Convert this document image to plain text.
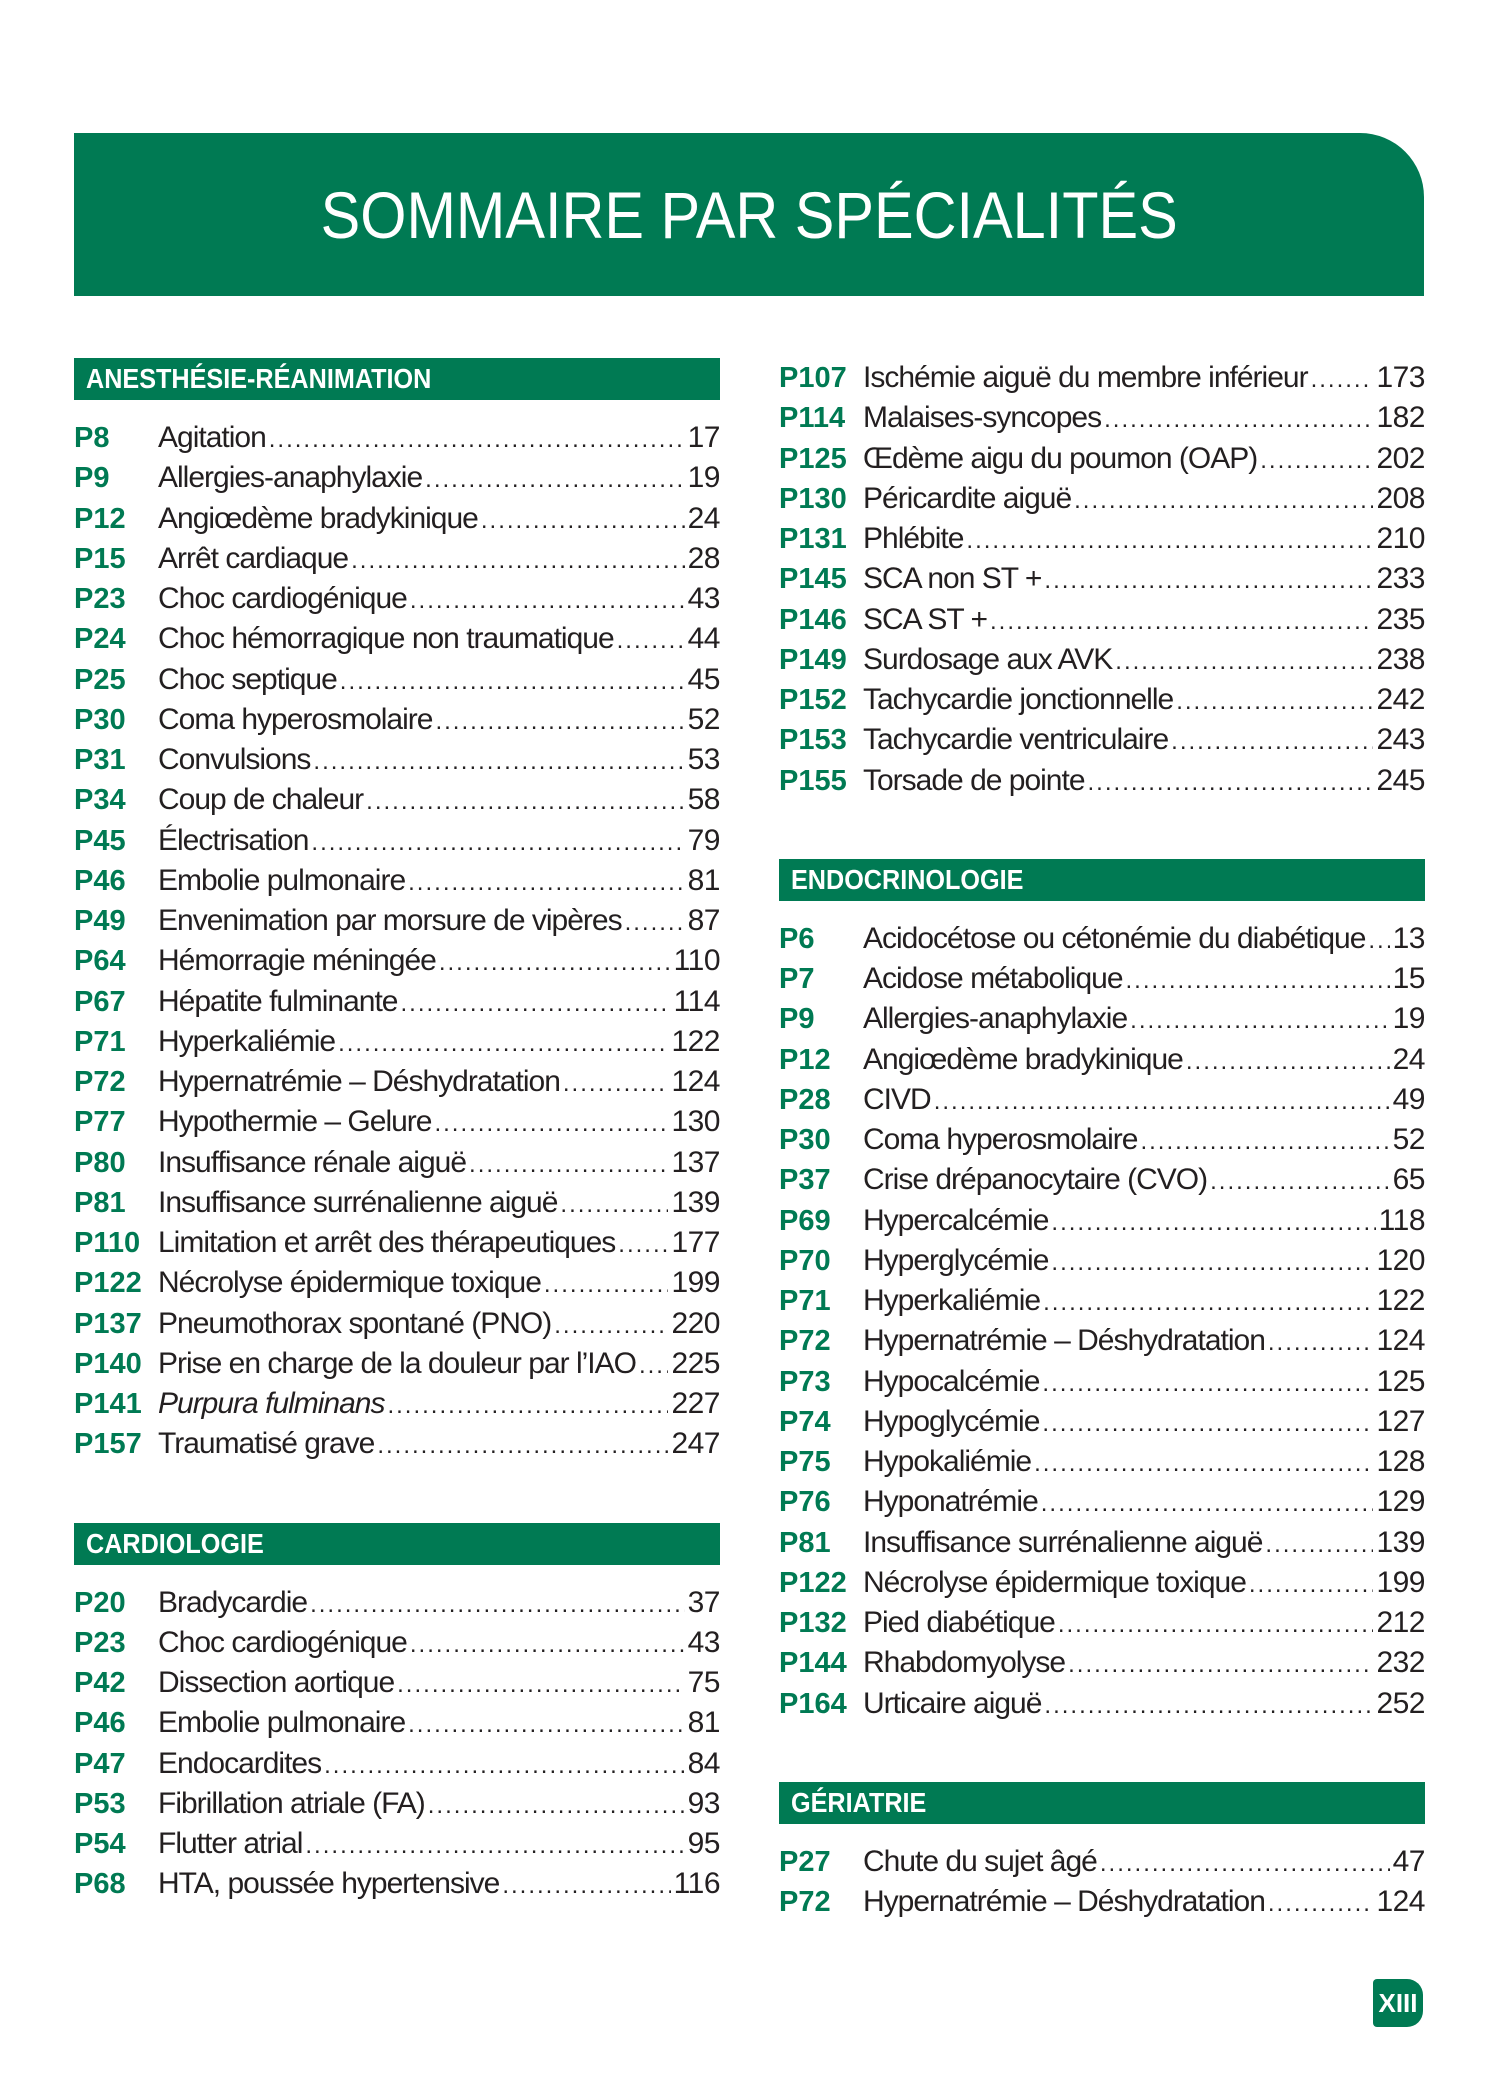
SOMMAIRE PAR SPÉCIALITÉS
ANESTHÉSIE-RÉANIMATION
P8	Agitation .....	17
P9	Allergies-anaphylaxie .....	19
P12	Angiœdème bradykinique .....	24
P15	Arrêt cardiaque .....	28
P23	Choc cardiogénique .....	43
P24	Choc hémorragique non traumatique ..... 44
P25	Choc septique .....	45
P30	Coma hyperosmolaire .....	52
P31	Convulsions .....	53
P34	Coup de chaleur .....	58
P45	Électrisation .....	79
P46	Embolie pulmonaire .....	81
P49	Envenimation par morsure de vipères ..... 87
P64	Hémorragie méningée .....	110
P67	Hépatite fulminante .....	114
P71	Hyperkaliémie .....	122
P72	Hypernatrémie – Déshydratation .....	124
P77	Hypothermie – Gelure .....	130
P80	Insuffisance rénale aiguë .....	137
P81	Insuffisance surrénalienne aiguë .....	139
P110 Limitation et arrêt des thérapeutiques ..... 177
P122 Nécrolyse épidermique toxique .....	199
P137 Pneumothorax spontané (PNO) .....	220
P140 Prise en charge de la douleur par l’IAO ..... 225
P141 Purpura fulminans .....	227
P157 Traumatisé grave .....	247
CARDIOLOGIE
P20	Bradycardie .....	37
P23	Choc cardiogénique .....	43
P42	Dissection aortique .....	75
P46	Embolie pulmonaire .....	81
P47	Endocardites .....	84
P53	Fibrillation atriale (FA) .....	93
P54	Flutter atrial .....	95
P68	HTA, poussée hypertensive .....	116
P107 Ischémie aiguë du membre inférieur ..... 173
P114 Malaises-syncopes .....	182
P125 Œdème aigu du poumon (OAP) .....	202
P130 Péricardite aiguë .....	208
P131 Phlébite .....	210
P145 SCA non ST + .....	233
P146 SCA ST + .....	235
P149 Surdosage aux AVK .....	238
P152 Tachycardie jonctionnelle .....	242
P153 Tachycardie ventriculaire .....	243
P155 Torsade de pointe .....	245
ENDOCRINOLOGIE
P6	Acidocétose ou cétonémie du diabétique ..... 13
P7	Acidose métabolique .....	15
P9	Allergies-anaphylaxie .....	19
P12	Angiœdème bradykinique .....	24
P28	CIVD .....	49
P30	Coma hyperosmolaire .....	52
P37	Crise drépanocytaire (CVO) .....	65
P69	Hypercalcémie .....	118
P70	Hyperglycémie .....	120
P71	Hyperkaliémie .....	122
P72	Hypernatrémie – Déshydratation .....	124
P73	Hypocalcémie .....	125
P74	Hypoglycémie .....	127
P75	Hypokaliémie .....	128
P76	Hyponatrémie .....	129
P81	Insuffisance surrénalienne aiguë .....	139
P122 Nécrolyse épidermique toxique .....	199
P132 Pied diabétique .....	212
P144 Rhabdomyolyse .....	232
P164 Urticaire aiguë .....	252
GÉRIATRIE
P27	Chute du sujet âgé .....	47
P72	Hypernatrémie – Déshydratation .....	124
XIII
